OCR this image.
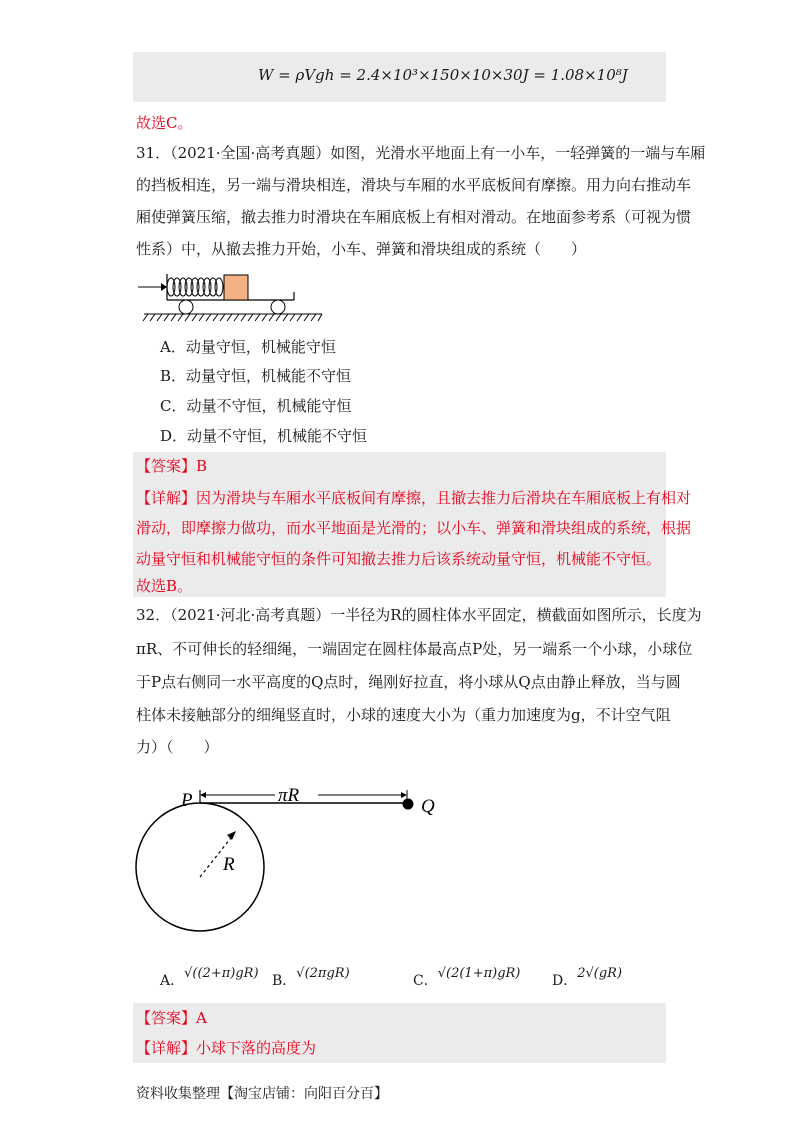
W = ρVgh = 2.4×10³×150×10×30J = 1.08×10⁸J
故选C。
31．（2021·全国·高考真题）如图，光滑水平地面上有一小车，一轻弹簧的一端与车厢
的挡板相连，另一端与滑块相连，滑块与车厢的水平底板间有摩擦。用力向右推动车
厢使弹簧压缩，撤去推力时滑块在车厢底板上有相对滑动。在地面参考系（可视为惯
性系）中，从撤去推力开始，小车、弹簧和滑块组成的系统（　　）
A．动量守恒，机械能守恒
B．动量守恒，机械能不守恒
C．动量不守恒，机械能守恒
D．动量不守恒，机械能不守恒
【答案】B
【详解】因为滑块与车厢水平底板间有摩擦，且撤去推力后滑块在车厢底板上有相对
滑动，即摩擦力做功，而水平地面是光滑的；以小车、弹簧和滑块组成的系统，根据
动量守恒和机械能守恒的条件可知撤去推力后该系统动量守恒，机械能不守恒。
故选B。
32．（2021·河北·高考真题）一半径为R的圆柱体水平固定，横截面如图所示，长度为
πR、不可伸长的轻细绳，一端固定在圆柱体最高点P处，另一端系一个小球，小球位
于P点右侧同一水平高度的Q点时，绳刚好拉直，将小球从Q点由静止释放，当与圆
柱体未接触部分的细绳竖直时，小球的速度大小为（重力加速度为g，不计空气阻
力）（　　）
P	Q
πR
R
A．√((2+π)gR) B．√(2πgR)	C．√(2(1+π)gR) D．2√(gR)
【答案】A
【详解】小球下落的高度为
资料收集整理【淘宝店铺：向阳百分百】
